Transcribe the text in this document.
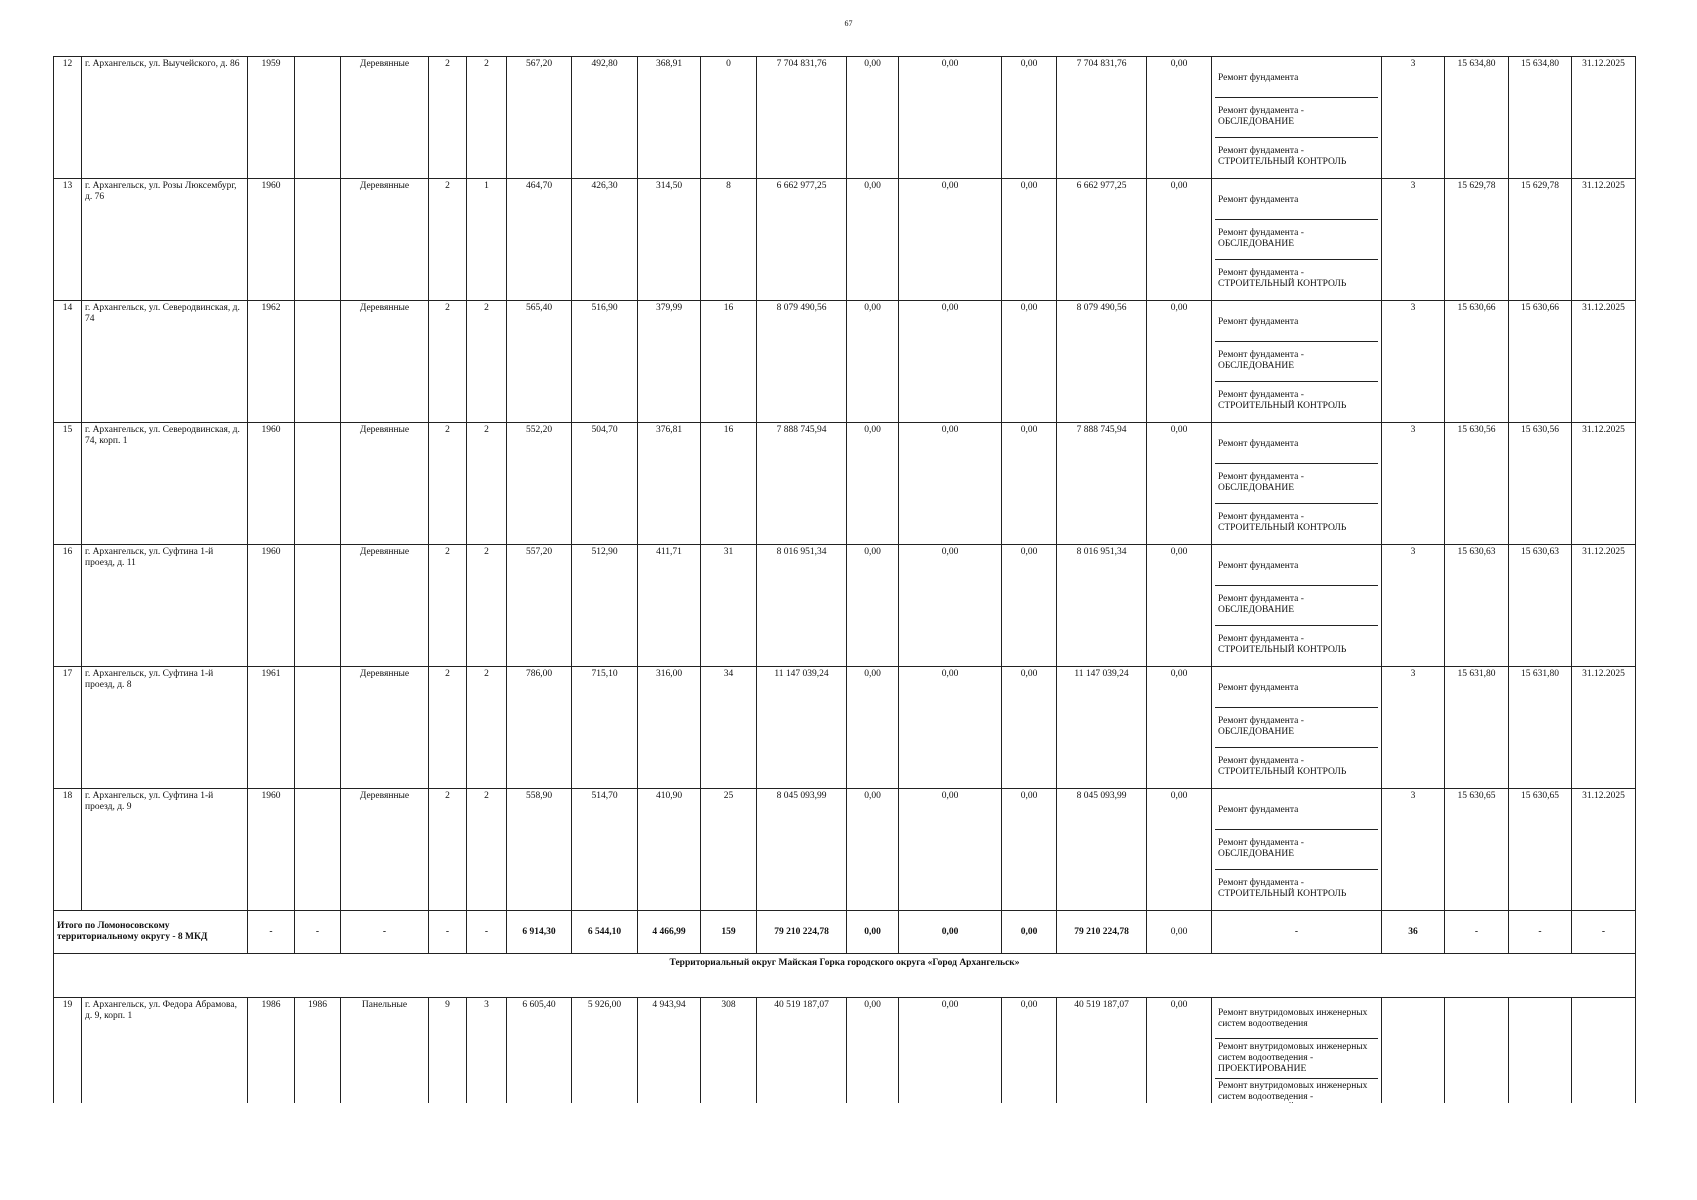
67
12	г. Архангельск, ул. Выучейского, д. 86	1959		Деревянные	2	2	567,20	492,80	368,91	0	7 704 831,76	0,00	0,00	0,00	7 704 831,76	0,00	Ремонт фундамента
Ремонт фундамента - ОБСЛЕДОВАНИЕ
Ремонт фундамента - СТРОИТЕЛЬНЫЙ КОНТРОЛЬ	3	15 634,80	15 634,80	31.12.2025
13	г. Архангельск, ул. Розы Люксембург, д. 76	1960		Деревянные	2	1	464,70	426,30	314,50	8	6 662 977,25	0,00	0,00	0,00	6 662 977,25	0,00	Ремонт фундамента
Ремонт фундамента - ОБСЛЕДОВАНИЕ
Ремонт фундамента - СТРОИТЕЛЬНЫЙ КОНТРОЛЬ	3	15 629,78	15 629,78	31.12.2025
14	г. Архангельск, ул. Северодвинская, д. 74	1962		Деревянные	2	2	565,40	516,90	379,99	16	8 079 490,56	0,00	0,00	0,00	8 079 490,56	0,00	Ремонт фундамента
Ремонт фундамента - ОБСЛЕДОВАНИЕ
Ремонт фундамента - СТРОИТЕЛЬНЫЙ КОНТРОЛЬ	3	15 630,66	15 630,66	31.12.2025
15	г. Архангельск, ул. Северодвинская, д. 74, корп. 1	1960		Деревянные	2	2	552,20	504,70	376,81	16	7 888 745,94	0,00	0,00	0,00	7 888 745,94	0,00	Ремонт фундамента
Ремонт фундамента - ОБСЛЕДОВАНИЕ
Ремонт фундамента - СТРОИТЕЛЬНЫЙ КОНТРОЛЬ	3	15 630,56	15 630,56	31.12.2025
16	г. Архангельск, ул. Суфтина 1-й проезд, д. 11	1960		Деревянные	2	2	557,20	512,90	411,71	31	8 016 951,34	0,00	0,00	0,00	8 016 951,34	0,00	Ремонт фундамента
Ремонт фундамента - ОБСЛЕДОВАНИЕ
Ремонт фундамента - СТРОИТЕЛЬНЫЙ КОНТРОЛЬ	3	15 630,63	15 630,63	31.12.2025
17	г. Архангельск, ул. Суфтина 1-й проезд, д. 8	1961		Деревянные	2	2	786,00	715,10	316,00	34	11 147 039,24	0,00	0,00	0,00	11 147 039,24	0,00	Ремонт фундамента
Ремонт фундамента - ОБСЛЕДОВАНИЕ
Ремонт фундамента - СТРОИТЕЛЬНЫЙ КОНТРОЛЬ	3	15 631,80	15 631,80	31.12.2025
18	г. Архангельск, ул. Суфтина 1-й проезд, д. 9	1960		Деревянные	2	2	558,90	514,70	410,90	25	8 045 093,99	0,00	0,00	0,00	8 045 093,99	0,00	Ремонт фундамента
Ремонт фундамента - ОБСЛЕДОВАНИЕ
Ремонт фундамента - СТРОИТЕЛЬНЫЙ КОНТРОЛЬ	3	15 630,65	15 630,65	31.12.2025
Итого по Ломоносовскому территориальному округу - 8 МКД		-	-	-	-	-	6 914,30	6 544,10	4 466,99	159	79 210 224,78	0,00	0,00	0,00	79 210 224,78	0,00	-	36	-	-	-
Территориальный округ Майская Горка городского округа «Город Архангельск»																					
19	г. Архангельск, ул. Федора Абрамова, д. 9, корп. 1	1986	1986	Панельные	9	3	6 605,40	5 926,00	4 943,94	308	40 519 187,07	0,00	0,00	0,00	40 519 187,07	0,00	Ремонт внутридомовых инженерных систем водоотведения
Ремонт внутридомовых инженерных систем водоотведения - ПРОЕКТИРОВАНИЕ
Ремонт внутридомовых инженерных систем водоотведения -				
